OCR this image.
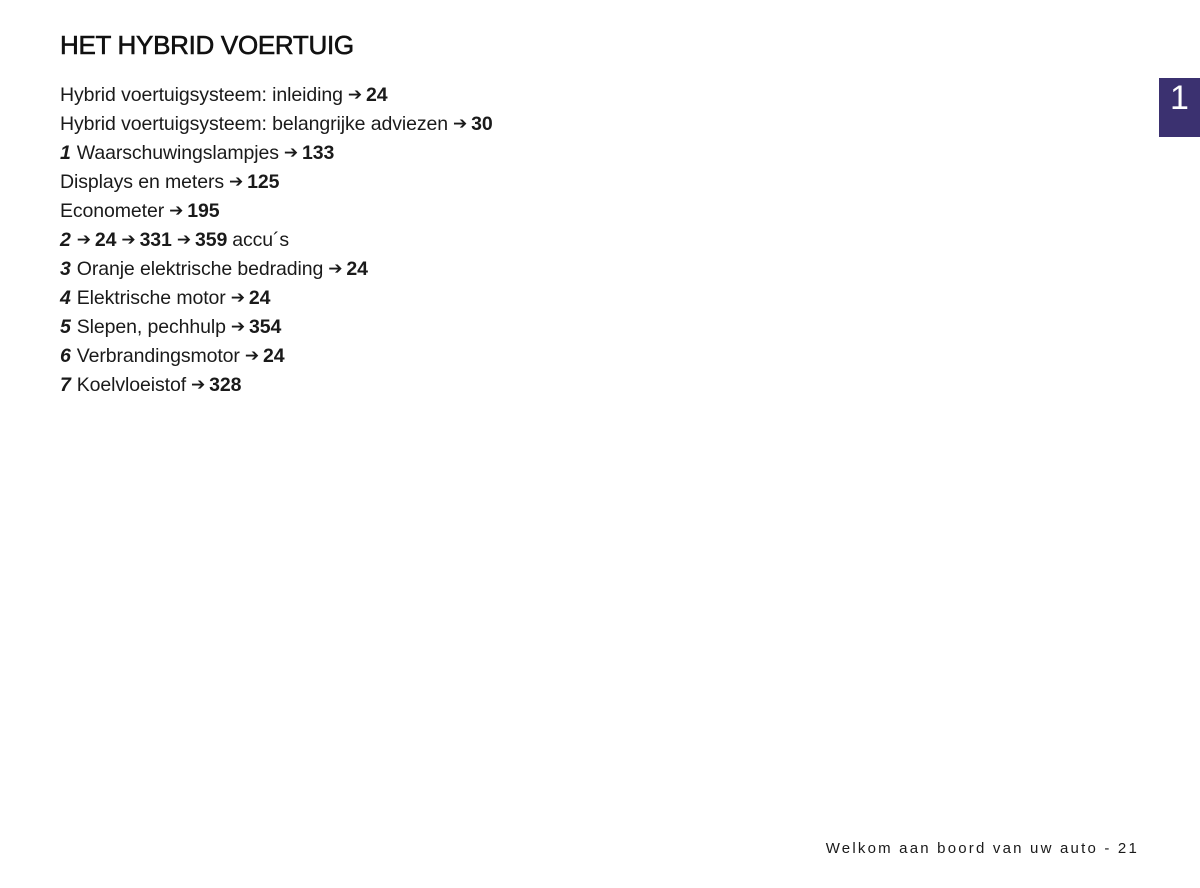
HET HYBRID VOERTUIG
Hybrid voertuigsysteem: inleiding ➔ 24
Hybrid voertuigsysteem: belangrijke adviezen ➔ 30
1 Waarschuwingslampjes ➔ 133
Displays en meters ➔ 125
Econometer ➔ 195
2 ➔ 24 ➔ 331 ➔ 359 accu´s
3 Oranje elektrische bedrading ➔ 24
4 Elektrische motor ➔ 24
5 Slepen, pechhulp ➔ 354
6 Verbrandingsmotor ➔ 24
7 Koelvloeistof ➔ 328
1
Welkom aan boord van uw auto - 21
